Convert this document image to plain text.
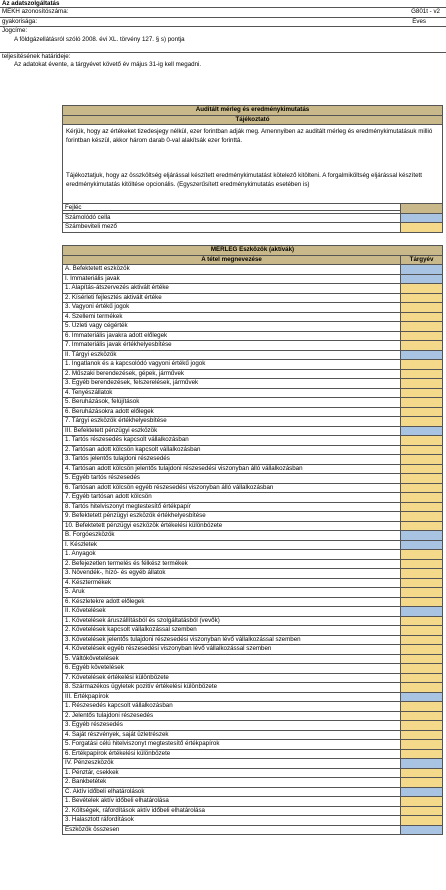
Az adatszolgáltatás
MEKH azonosítószáma:	G801t - v2
gyakorisága:	Éves
Jogcíme:
A földgázellátásról szóló 2008. évi XL. törvény 127. § s) pontja
teljesítésének határideje:
Az adatokat évente, a tárgyévet követő év május 31-ig kell megadni.
Auditált mérleg és eredménykimutatás
Tájékoztató
Kérjük, hogy az értékeket tizedesjegy nélkül, ezer forintban adják meg. Amennyiben az auditált mérleg és eredménykimutatásuk millió forintban készül, akkor három darab 0-val alakítsák ezer forinttá.
Tájékoztatjuk, hogy az összköltség eljárással készített eredménykimutatást kötelező kitölteni. A forgalmiköltség eljárással készített eredménykimutatás kitöltése opcionális. (Egyszerűsített eredménykimutatás esetében is)
Fejléc
Számolódó cella
Számbeviteli mező
MÉRLEG Eszközök (aktívák)
A tétel megnevezése	Tárgyév
A. Befektetett eszközök
I. Immateriális javak
1. Alapítás-átszervezés aktivált értéke
2. Kísérleti fejlesztés aktivált értéke
3. Vagyoni értékű jogok
4. Szellemi termékek
5. Üzleti vagy cégérték
6. Immateriális javakra adott előlegek
7. Immateriális javak értékhelyesbítése
II. Tárgyi eszközök
1. Ingatlanok és a kapcsolódó vagyoni értékű jogok
2. Műszaki berendezések, gépek, járművek
3. Egyéb berendezések, felszerelések, járművek
4. Tenyészállatok
5. Beruházások, felújítások
6. Beruházásokra adott előlegek
7. Tárgyi eszközök értékhelyesbítése
III. Befektetett pénzügyi eszközök
1. Tartós részesedés kapcsolt vállalkozásban
2. Tartósan adott kölcsön kapcsolt vállalkozásban
3. Tartós jelentős tulajdoni részesedés
4. Tartósan adott kölcsön jelentős tulajdoni részesedési viszonyban álló vállalkozásban
5. Egyéb tartós részesedés
6. Tartósan adott kölcsön egyéb részesedési viszonyban álló vállalkozásban
7. Egyéb tartósan adott kölcsön
8. Tartós hitelviszonyt megtestesítő értékpapír
9. Befektetett pénzügyi eszközök értékhelyesbítése
10. Befektetett pénzügyi eszközök értékelési különbözete
B. Forgóeszközök
I. Készletek
1. Anyagok
2. Befejezetlen termelés és félkész termékek
3. Növendék-, hízó- és egyéb állatok
4. Késztermékek
5. Áruk
6. Készletekre adott előlegek
II. Követelések
1. Követelések áruszállításból és szolgáltatásból (vevők)
2. Követelések kapcsolt vállalkozással szemben
3. Követelések jelentős tulajdoni részesedési viszonyban lévő vállalkozással szemben
4. Követelések egyéb részesedési viszonyban lévő vállalkozással szemben
5. Váltókövetelések
6. Egyéb követelések
7. Követelések értékelési különbözete
8. Származékos ügyletek pozitív értékelési különbözete
III. Értékpapírok
1. Részesedés kapcsolt vállalkozásban
2. Jelentős tulajdoni részesedés
3. Egyéb részesedés
4. Saját részvények, saját üzletrészek
5. Forgatási célú hitelviszonyt megtestesítő értékpapírok
6. Értékpapírok értékelési különbözete
IV. Pénzeszközök
1. Pénztár, csekkek
2. Bankbetétek
C. Aktív időbeli elhatárolások
1. Bevételek aktív időbeli elhatárolása
2. Költségek, ráfordítások aktív időbeli elhatárolása
3. Halasztott ráfordítások
Eszközök összesen
